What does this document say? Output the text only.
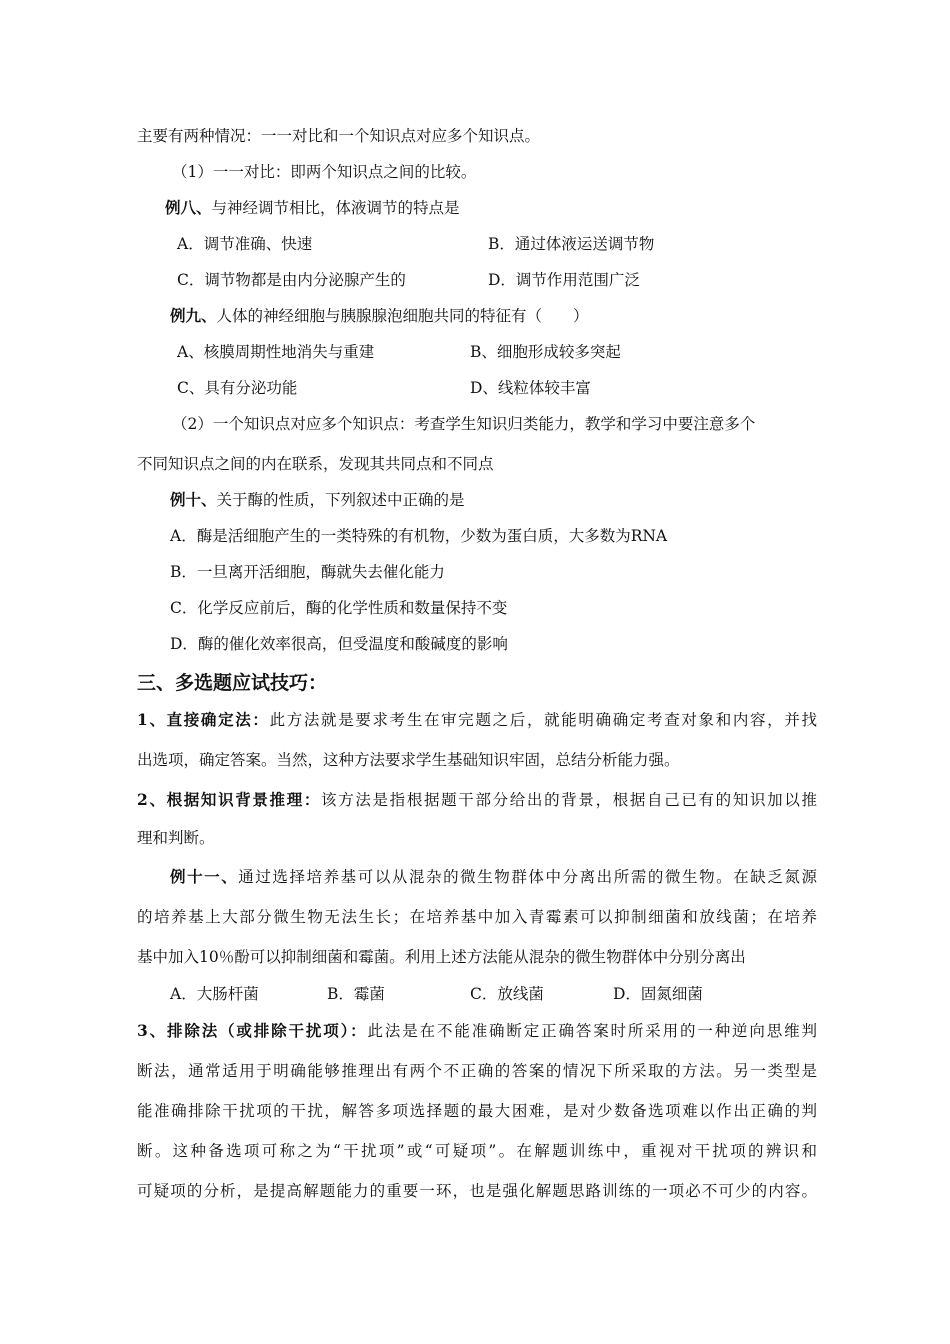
主要有两种情况：一一对比和一个知识点对应多个知识点。
（1）一一对比：即两个知识点之间的比较。
例八、与神经调节相比，体液调节的特点是
A．调节准确、快速	B．通过体液运送调节物
C．调节物都是由内分泌腺产生的	D．调节作用范围广泛
例九、人体的神经细胞与胰腺腺泡细胞共同的特征有（　　）
A、核膜周期性地消失与重建	B、细胞形成较多突起
C、具有分泌功能	D、线粒体较丰富
（2）一个知识点对应多个知识点：考查学生知识归类能力，教学和学习中要注意多个
不同知识点之间的内在联系，发现其共同点和不同点
例十、关于酶的性质，下列叙述中正确的是
A．酶是活细胞产生的一类特殊的有机物，少数为蛋白质，大多数为RNA
B．一旦离开活细胞，酶就失去催化能力
C．化学反应前后，酶的化学性质和数量保持不变
D．酶的催化效率很高，但受温度和酸碱度的影响
三、多选题应试技巧：
1、直接确定法：此方法就是要求考生在审完题之后，就能明确确定考查对象和内容，并找
出选项，确定答案。当然，这种方法要求学生基础知识牢固，总结分析能力强。
2、根据知识背景推理：该方法是指根据题干部分给出的背景，根据自己已有的知识加以推
理和判断。
例十一、通过选择培养基可以从混杂的微生物群体中分离出所需的微生物。在缺乏氮源
的培养基上大部分微生物无法生长；在培养基中加入青霉素可以抑制细菌和放线菌；在培养
基中加入10％酚可以抑制细菌和霉菌。利用上述方法能从混杂的微生物群体中分别分离出
A．大肠杆菌	B．霉菌	C．放线菌	D．固氮细菌
3、排除法（或排除干扰项）：此法是在不能准确断定正确答案时所采用的一种逆向思维判
断法，通常适用于明确能够推理出有两个不正确的答案的情况下所采取的方法。另一类型是
能准确排除干扰项的干扰，解答多项选择题的最大困难，是对少数备选项难以作出正确的判
断。这种备选项可称之为“干扰项”或“可疑项”。在解题训练中，重视对干扰项的辨识和
可疑项的分析，是提高解题能力的重要一环，也是强化解题思路训练的一项必不可少的内容。
